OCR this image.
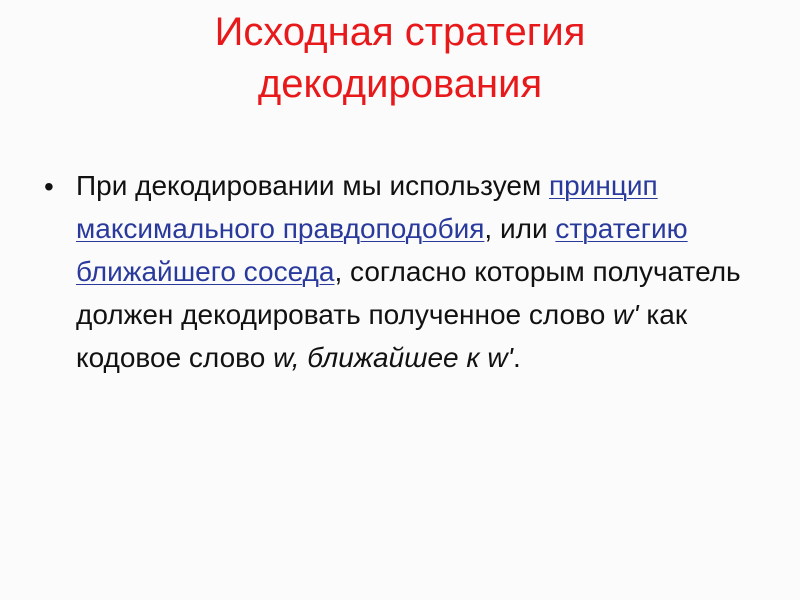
Исходная стратегия
декодирования
• При декодировании мы используем принцип максимального правдоподобия, или стратегию ближайшего соседа, согласно которым получатель должен декодировать полученное слово w' как кодовое слово w, ближайшее к w'.
